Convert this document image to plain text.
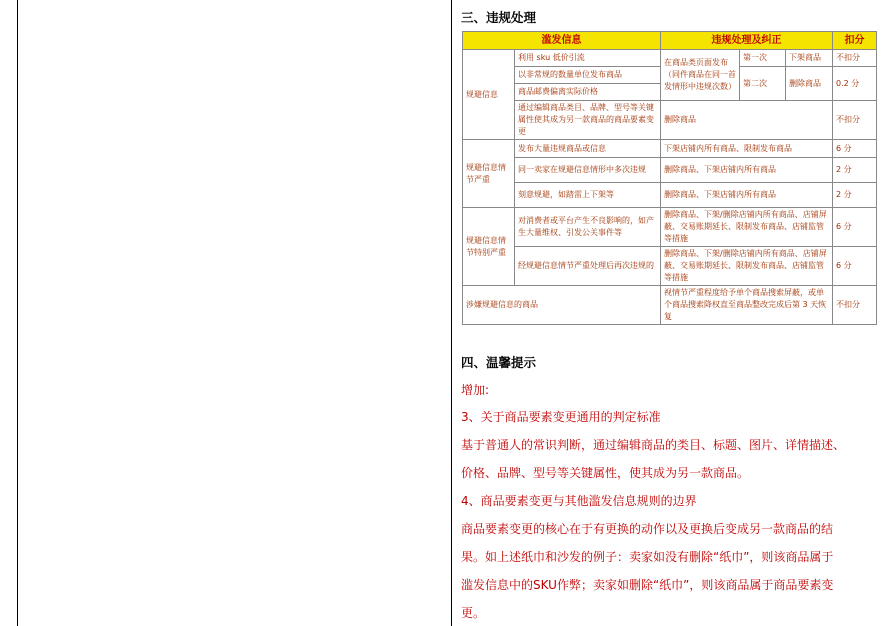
三、违规处理
滥发信息		违规处理及纠正			扣分
规避信息	利用 sku 低价引流	在商品类页面发布（同件商品在同一首发情形中违规次数）	第一次	下架商品	不扣分
	以非常规的数量单位发布商品		第二次	删除商品	0.2 分
	商品邮费偏离实际价格				
	通过编辑商品类目、品牌、型号等关键属性使其成为另一款商品的商品要素变更	删除商品			不扣分
规避信息情节严重	发布大量违规商品或信息	下架店铺内所有商品、限制发布商品			6 分
	同一卖家在规避信息情形中多次违规	删除商品、下架店铺内所有商品			2 分
	刻意规避，如踏雷上下架等	删除商品、下架店铺内所有商品			2 分
规避信息情节特别严重	对消费者或平台产生不良影响的，如产生大量维权、引发公关事件等	删除商品、下架/删除店铺内所有商品、店铺屏蔽、交易账期延长、限制发布商品、店铺监管等措施			6 分
	经规避信息情节严重处理后再次违规的	删除商品、下架/删除店铺内所有商品、店铺屏蔽、交易账期延长、限制发布商品、店铺监管等措施			6 分
涉嫌规避信息的商品		视情节严重程度给予单个商品搜索屏蔽，或单个商品搜索降权直至商品整改完成后第 3 天恢复			不扣分
四、温馨提示
增加:
3、关于商品要素变更通用的判定标准
基于普通人的常识判断，通过编辑商品的类目、标题、图片、详情描述、
价格、品牌、型号等关键属性，使其成为另一款商品。
4、商品要素变更与其他滥发信息规则的边界
商品要素变更的核心在于有更换的动作以及更换后变成另一款商品的结
果。如上述纸巾和沙发的例子：卖家如没有删除“纸巾”，则该商品属于
滥发信息中的SKU作弊；卖家如删除“纸巾”，则该商品属于商品要素变
更。
